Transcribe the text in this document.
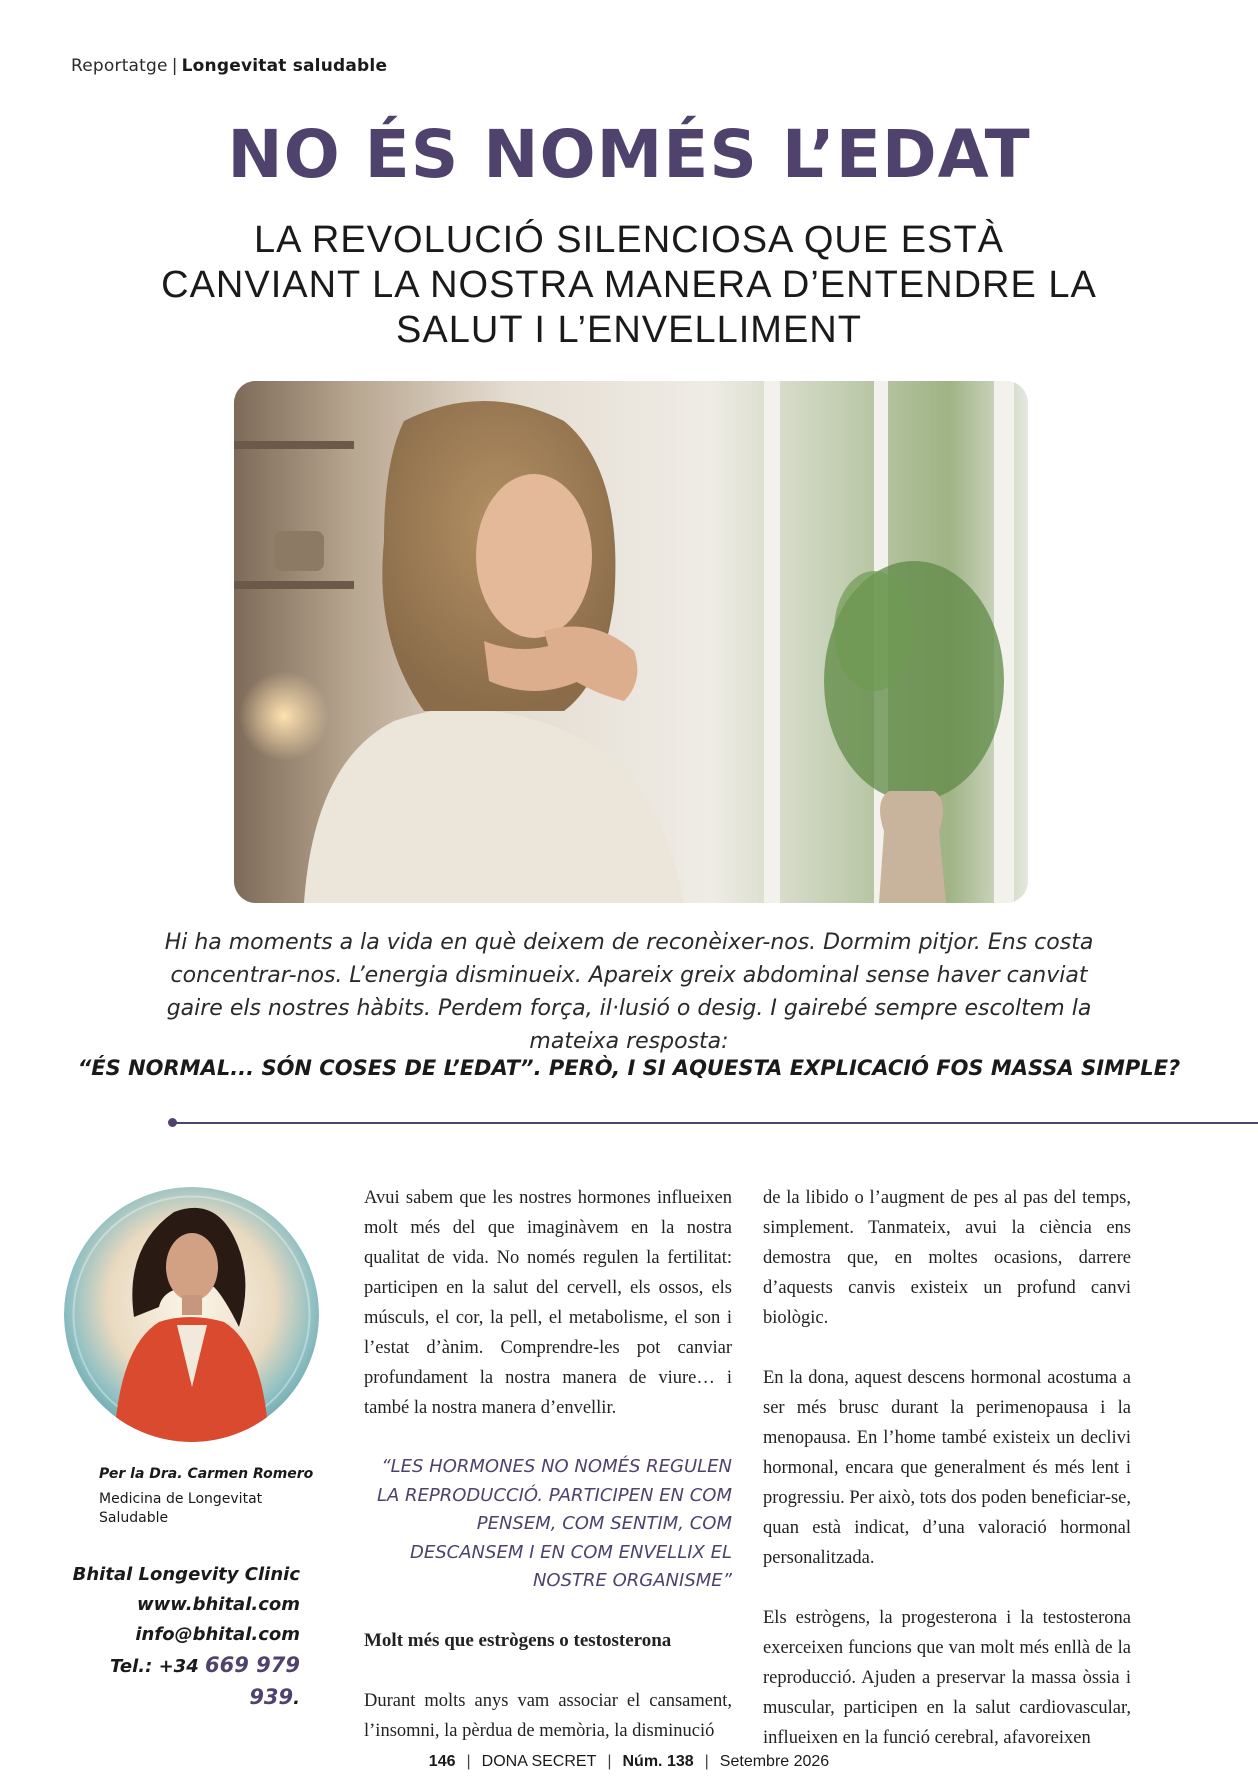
Reportatge | Longevitat saludable
NO ÉS NOMÉS L’EDAT
LA REVOLUCIÓ SILENCIOSA QUE ESTÀ CANVIANT LA NOSTRA MANERA D’ENTENDRE LA SALUT I L’ENVELLIMENT

Hi ha moments a la vida en què deixem de reconèixer-nos. Dormim pitjor. Ens costa concentrar-nos. L’energia disminueix. Apareix greix abdominal sense haver canviat gaire els nostres hàbits. Perdem força, il·lusió o desig. I gairebé sempre escoltem la mateixa resposta:

“ÉS NORMAL... SÓN COSES DE L’EDAT”. PERÒ, I SI AQUESTA EXPLICACIÓ FOS MASSA SIMPLE?

Per la Dra. Carmen Romero
Medicina de Longevitat Saludable
Bhital Longevity Clinic
www.bhital.com
info@bhital.com
Tel.: +34 669 979 939.

Avui sabem que les nostres hormones influeixen molt més del que imaginàvem en la nostra qualitat de vida. No només regulen la fertilitat: participen en la salut del cervell, els ossos, els músculs, el cor, la pell, el metabolisme, el son i l’estat d’ànim. Comprendre-les pot canviar profundament la nostra manera de viure… i també la nostra manera d’envellir.

“LES HORMONES NO NOMÉS REGULEN LA REPRODUCCIÓ. PARTICIPEN EN COM PENSEM, COM SENTIM, COM DESCANSEM I EN COM ENVELLIX EL NOSTRE ORGANISME”

Molt més que estrògens o testosterona

Durant molts anys vam associar el cansament, l’insomni, la pèrdua de memòria, la disminució

de la libido o l’augment de pes al pas del temps, simplement. Tanmateix, avui la ciència ens demostra que, en moltes ocasions, darrere d’aquests canvis existeix un profund canvi biològic.

En la dona, aquest descens hormonal acostuma a ser més brusc durant la perimenopausa i la menopausa. En l’home també existeix un declivi hormonal, encara que generalment és més lent i progressiu. Per això, tots dos poden beneficiar-se, quan està indicat, d’una valoració hormonal personalitzada.

Els estrògens, la progesterona i la testosterona exerceixen funcions que van molt més enllà de la reproducció. Ajuden a preservar la massa òssia i muscular, participen en la salut cardiovascular, influeixen en la funció cerebral, afavoreixen

146 | DONA SECRET | Núm. 138 | Setembre 2026
